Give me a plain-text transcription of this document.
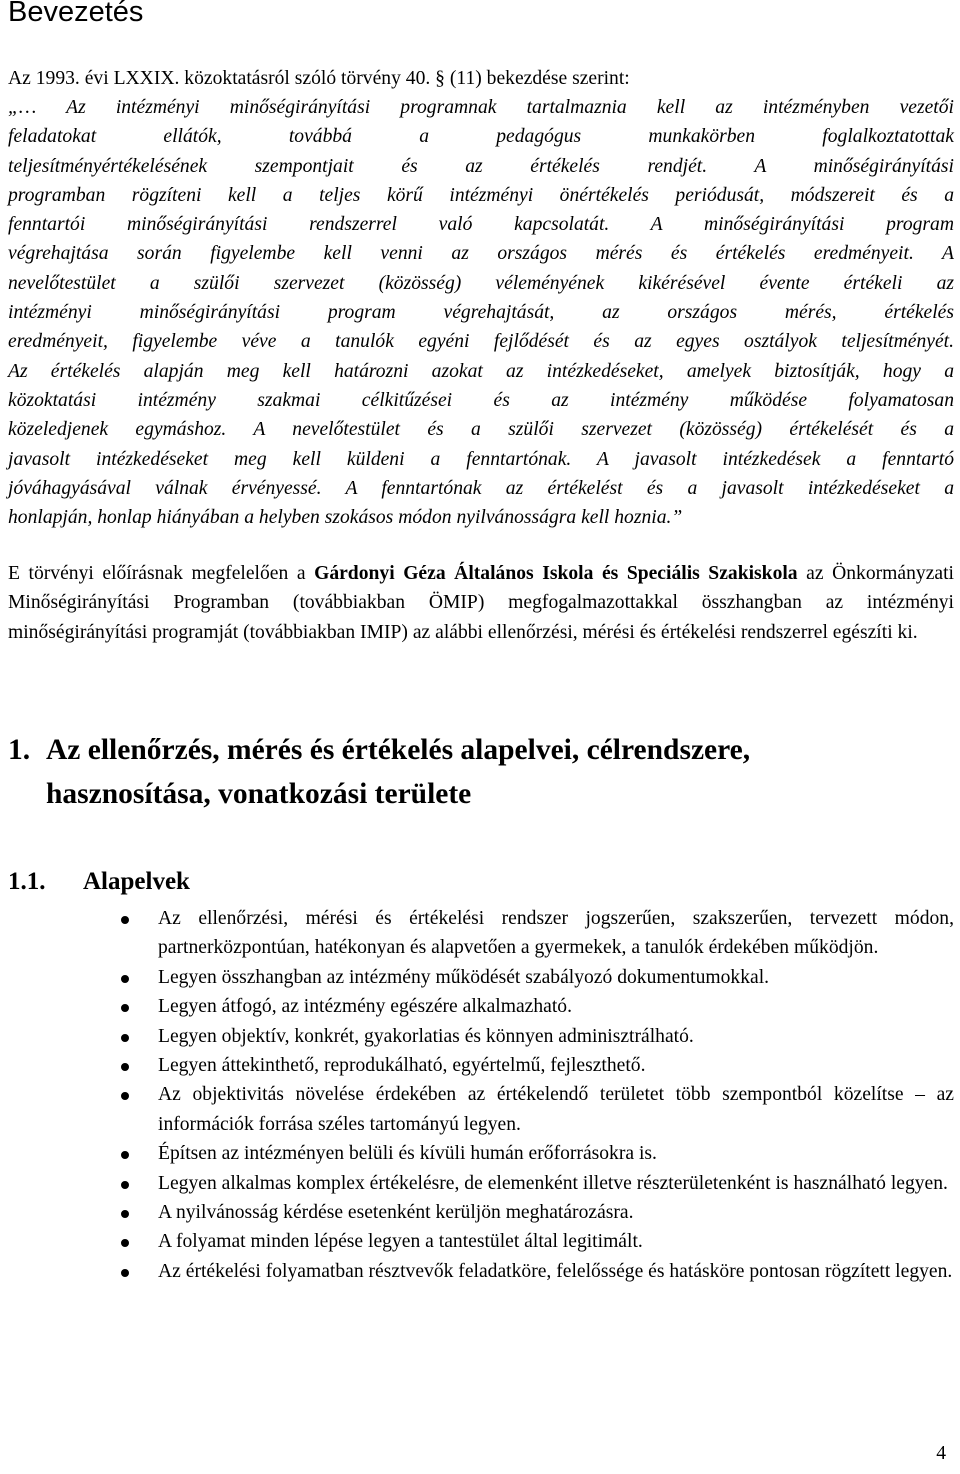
Bevezetés
Az 1993. évi LXXIX. közoktatásról szóló törvény 40. § (11) bekezdése szerint:
„… Az intézményi minőségirányítási programnak tartalmaznia kell az intézményben vezetői
feladatokat ellátók, továbbá a pedagógus munkakörben foglalkoztatottak
teljesítményértékelésének szempontjait és az értékelés rendjét. A minőségirányítási
programban rögzíteni kell a teljes körű intézményi önértékelés periódusát, módszereit és a
fenntartói minőségirányítási rendszerrel való kapcsolatát. A minőségirányítási program
végrehajtása során figyelembe kell venni az országos mérés és értékelés eredményeit. A
nevelőtestület a szülői szervezet (közösség) véleményének kikérésével évente értékeli az
intézményi minőségirányítási program végrehajtását, az országos mérés, értékelés
eredményeit, figyelembe véve a tanulók egyéni fejlődését és az egyes osztályok teljesítményét.
Az értékelés alapján meg kell határozni azokat az intézkedéseket, amelyek biztosítják, hogy a
közoktatási intézmény szakmai célkitűzései és az intézmény működése folyamatosan
közeledjenek egymáshoz. A nevelőtestület és a szülői szervezet (közösség) értékelését és a
javasolt intézkedéseket meg kell küldeni a fenntartónak. A javasolt intézkedések a fenntartó
jóváhagyásával válnak érvényessé. A fenntartónak az értékelést és a javasolt intézkedéseket a
honlapján, honlap hiányában a helyben szokásos módon nyilvánosságra kell hoznia.”

E törvényi előírásnak megfelelően a Gárdonyi Géza Általános Iskola és Speciális Szakiskola az Önkormányzati Minőségirányítási Programban (továbbiakban ÖMIP) megfogalmazottakkal összhangban az intézményi minőségirányítási programját (továbbiakban IMIP) az alábbi ellenőrzési, mérési és értékelési rendszerrel egészíti ki.

1. Az ellenőrzés, mérés és értékelés alapelvei, célrendszere,
hasznosítása, vonatkozási területe
1.1. Alapelvek
Az ellenőrzési, mérési és értékelési rendszer jogszerűen, szakszerűen, tervezett módon, partnerközpontúan, hatékonyan és alapvetően a gyermekek, a tanulók érdekében működjön.
Legyen összhangban az intézmény működését szabályozó dokumentumokkal.
Legyen átfogó, az intézmény egészére alkalmazható.
Legyen objektív, konkrét, gyakorlatias és könnyen adminisztrálható.
Legyen áttekinthető, reprodukálható, egyértelmű, fejleszthető.
Az objektivitás növelése érdekében az értékelendő területet több szempontból közelítse – az információk forrása széles tartományú legyen.
Építsen az intézményen belüli és kívüli humán erőforrásokra is.
Legyen alkalmas komplex értékelésre, de elemenként illetve részterületenként is használható legyen.
A nyilvánosság kérdése esetenként kerüljön meghatározásra.
A folyamat minden lépése legyen a tantestület által legitimált.
Az értékelési folyamatban résztvevők feladatköre, felelőssége és hatásköre pontosan rögzített legyen.
4
